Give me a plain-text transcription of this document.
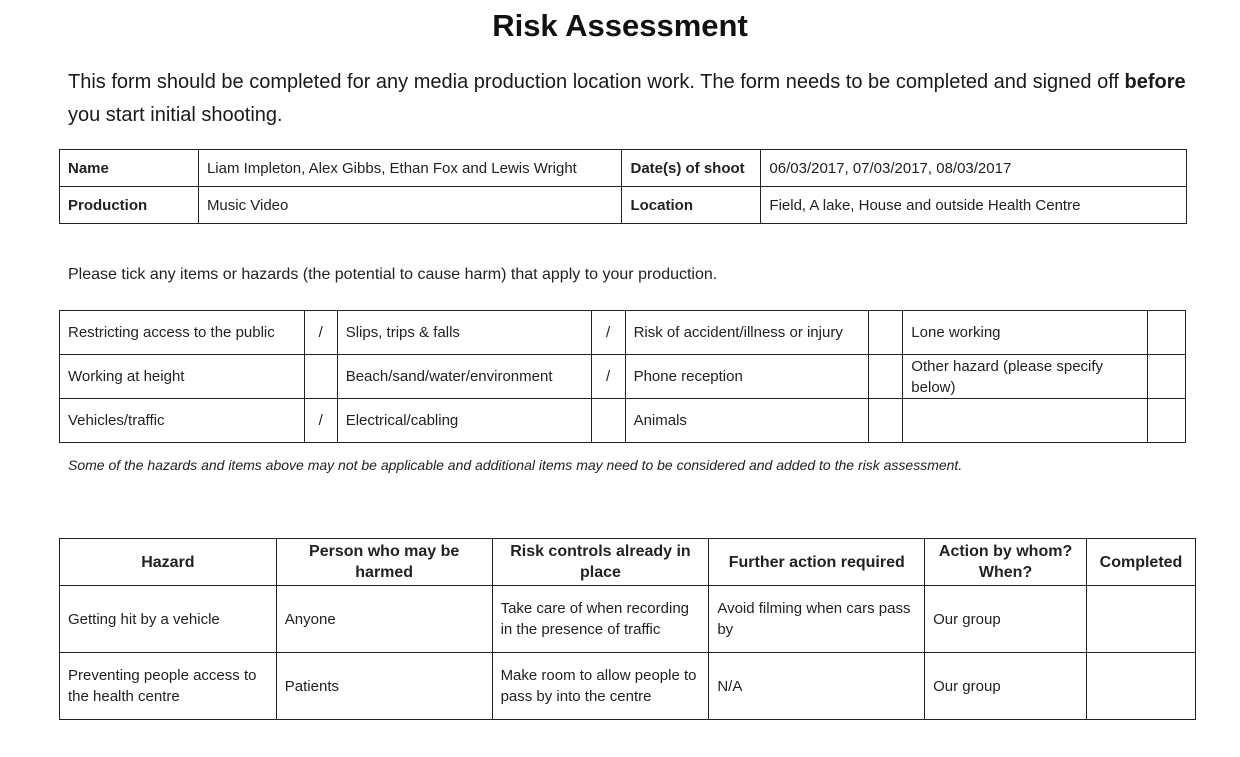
Risk Assessment
This form should be completed for any media production location work. The form needs to be completed and signed off before you start initial shooting.
Name	Liam Impleton, Alex Gibbs, Ethan Fox and Lewis Wright	Date(s) of shoot	06/03/2017, 07/03/2017, 08/03/2017
Production	Music Video	Location	Field, A lake, House and outside Health Centre
Please tick any items or hazards (the potential to cause harm) that apply to your production.
Restricting access to the public	/	Slips, trips & falls	/	Risk of accident/illness or injury		Lone working	
Working at height		Beach/sand/water/environment	/	Phone reception		Other hazard (please specify below)	
Vehicles/traffic	/	Electrical/cabling		Animals			
Some of the hazards and items above may not be applicable and additional items may need to be considered and added to the risk assessment.
Hazard	Person who may be harmed	Risk controls already in place	Further action required	Action by whom? When?	Completed
Getting hit by a vehicle	Anyone	Take care of when recording in the presence of traffic	Avoid filming when cars pass by	Our group	
Preventing people access to the health centre	Patients	Make room to allow people to pass by into the centre	N/A	Our group	
